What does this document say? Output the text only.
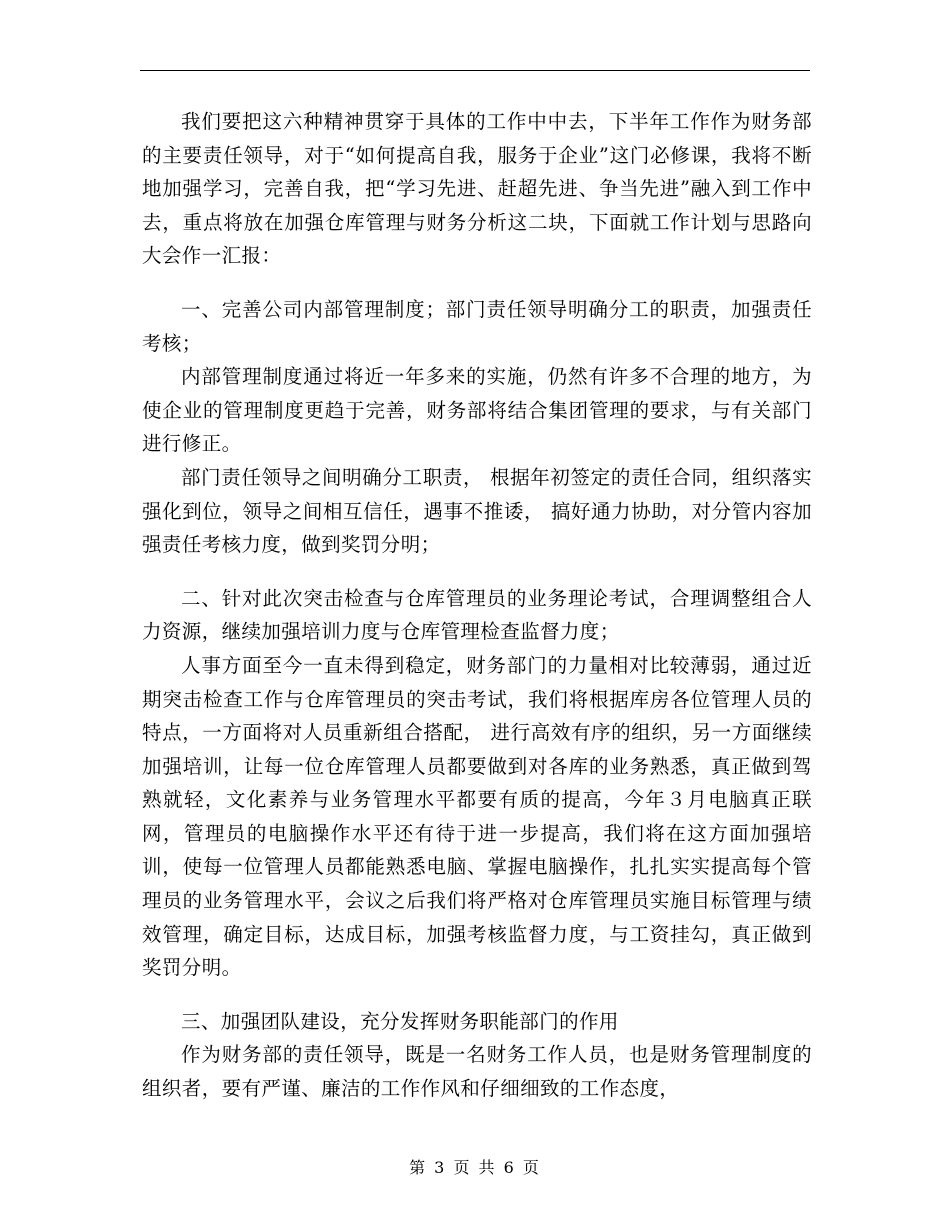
我们要把这六种精神贯穿于具体的工作中中去，下半年工作作为财务部的主要责任领导，对于“如何提高自我，服务于企业”这门必修课，我将不断地加强学习，完善自我，把“学习先进、赶超先进、争当先进”融入到工作中去，重点将放在加强仓库管理与财务分析这二块，下面就工作计划与思路向大会作一汇报：

一、完善公司内部管理制度；部门责任领导明确分工的职责，加强责任考核；

内部管理制度通过将近一年多来的实施，仍然有许多不合理的地方，为使企业的管理制度更趋于完善，财务部将结合集团管理的要求，与有关部门进行修正。

部门责任领导之间明确分工职责， 根据年初签定的责任合同，组织落实强化到位，领导之间相互信任，遇事不推诿， 搞好通力协助，对分管内容加强责任考核力度，做到奖罚分明；

二、针对此次突击检查与仓库管理员的业务理论考试，合理调整组合人力资源，继续加强培训力度与仓库管理检查监督力度；

人事方面至今一直未得到稳定，财务部门的力量相对比较薄弱，通过近期突击检查工作与仓库管理员的突击考试，我们将根据库房各位管理人员的特点，一方面将对人员重新组合搭配， 进行高效有序的组织，另一方面继续加强培训，让每一位仓库管理人员都要做到对各库的业务熟悉，真正做到驾熟就轻，文化素养与业务管理水平都要有质的提高，今年３月电脑真正联网，管理员的电脑操作水平还有待于进一步提高，我们将在这方面加强培训，使每一位管理人员都能熟悉电脑、掌握电脑操作，扎扎实实提高每个管理员的业务管理水平，会议之后我们将严格对仓库管理员实施目标管理与绩效管理，确定目标，达成目标，加强考核监督力度，与工资挂勾，真正做到奖罚分明。

三、加强团队建设，充分发挥财务职能部门的作用

作为财务部的责任领导，既是一名财务工作人员，也是财务管理制度的组织者，要有严谨、廉洁的工作作风和仔细细致的工作态度，

第 3 页 共 6 页
